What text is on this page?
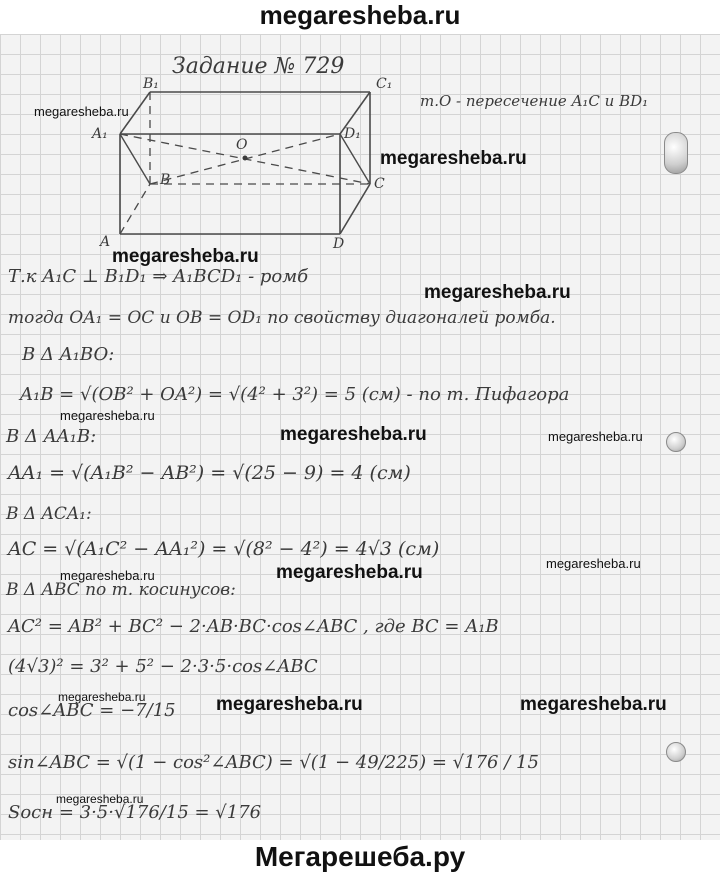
megaresheba.ru
Задание № 729
B₁	C₁
A₁	D₁
O
B	C
A	D
т.O - пересечение A₁C и BD₁
Т.к A₁C ⊥ B₁D₁ ⇒ A₁BCD₁ - ромб
тогда OA₁ = OC и OB = OD₁ по свойству диагоналей ромба.
В Δ A₁BO:
A₁B = √(OB² + OA²) = √(4² + 3²) = 5 (см) - по т. Пифагора
В Δ AA₁B:
AA₁ = √(A₁B² − AB²) = √(25 − 9) = 4 (см)
В Δ ACA₁:
AC = √(A₁C² − AA₁²) = √(8² − 4²) = 4√3 (см)
В Δ ABC по т. косинусов:
AC² = AB² + BC² − 2·AB·BC·cos∠ABC , где BC = A₁B
(4√3)² = 3² + 5² − 2·3·5·cos∠ABC
cos∠ABC = −7/15
sin∠ABC = √(1 − cos²∠ABC) = √(1 − 49/225) = √176 / 15
Sосн = 3·5·√176/15 = √176
megaresheba.ru
megaresheba.ru
megaresheba.ru
megaresheba.ru
megaresheba.ru
megaresheba.ru	megaresheba.ru
megaresheba.ru
megaresheba.ru	megaresheba.ru
megaresheba.ru	megaresheba.ru	megaresheba.ru
megaresheba.ru
Мегарешеба.ру
